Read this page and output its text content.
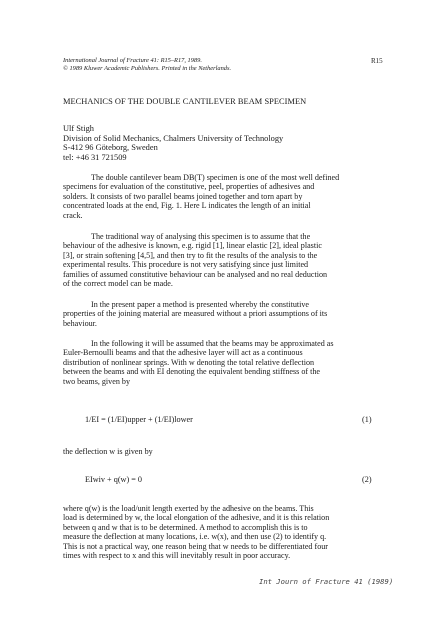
International Journal of Fracture 41: R15–R17, 1989.
© 1989 Kluwer Academic Publishers. Printed in the Netherlands.
R15
MECHANICS OF THE DOUBLE CANTILEVER BEAM SPECIMEN
Ulf Stigh
Division of Solid Mechanics, Chalmers University of Technology
S-412 96 Göteborg, Sweden
tel: +46 31 721509
The double cantilever beam DB(T) specimen is one of the most well defined
specimens for evaluation of the constitutive, peel, properties of adhesives and
solders. It consists of two parallel beams joined together and torn apart by
concentrated loads at the end, Fig. 1. Here L indicates the length of an initial
crack.
The traditional way of analysing this specimen is to assume that the
behaviour of the adhesive is known, e.g. rigid [1], linear elastic [2], ideal plastic
[3], or strain softening [4,5], and then try to fit the results of the analysis to the
experimental results. This procedure is not very satisfying since just limited
families of assumed constitutive behaviour can be analysed and no real deduction
of the correct model can be made.
In the present paper a method is presented whereby the constitutive
properties of the joining material are measured without a priori assumptions of its
behaviour.
In the following it will be assumed that the beams may be approximated as
Euler-Bernoulli beams and that the adhesive layer will act as a continuous
distribution of nonlinear springs. With w denoting the total relative deflection
between the beams and with EI denoting the equivalent bending stiffness of the
two beams, given by
1/EI = (1/EI)upper + (1/EI)lower	(1)
the deflection w is given by
EIwiv + q(w) = 0	(2)
where q(w) is the load/unit length exerted by the adhesive on the beams. This
load is determined by w, the local elongation of the adhesive, and it is this relation
between q and w that is to be determined. A method to accomplish this is to
measure the deflection at many locations, i.e. w(x), and then use (2) to identify q.
This is not a practical way, one reason being that w needs to be differentiated four
times with respect to x and this will inevitably result in poor accuracy.
Int Journ of Fracture 41 (1989)
